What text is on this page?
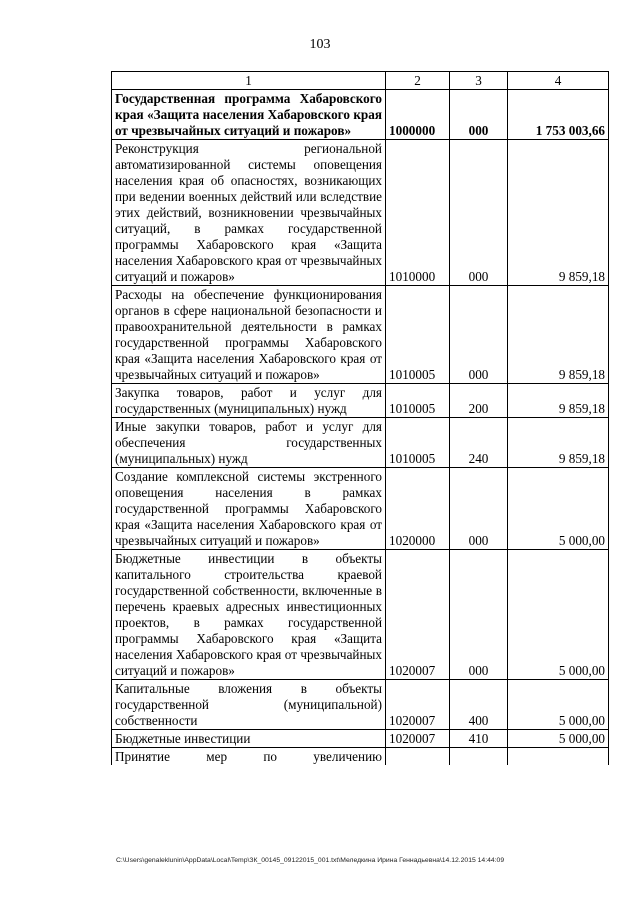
103
1	2	3	4
Государственная программа Хабаровского края «Защита населения Хабаровского края от чрезвычайных ситуаций и пожаров»	1000000	000	1 753 003,66
Реконструкция региональной автоматизированной системы оповещения населения края об опасностях, возникающих при ведении военных действий или вследствие этих действий, возникновении чрезвычайных ситуаций, в рамках государственной программы Хабаровского края «Защита населения Хабаровского края от чрезвычайных ситуаций и пожаров»	1010000	000	9 859,18
Расходы на обеспечение функционирования органов в сфере национальной безопасности и правоохранительной деятельности в рамках государственной программы Хабаровского края «Защита населения Хабаровского края от чрезвычайных ситуаций и пожаров»	1010005	000	9 859,18
Закупка товаров, работ и услуг для государственных (муниципальных) нужд	1010005	200	9 859,18
Иные закупки товаров, работ и услуг для обеспечения государственных (муниципальных) нужд	1010005	240	9 859,18
Создание комплексной системы экстренного оповещения населения в рамках государственной программы Хабаровского края «Защита населения Хабаровского края от чрезвычайных ситуаций и пожаров»	1020000	000	5 000,00
Бюджетные инвестиции в объекты капитального строительства краевой государственной собственности, включенные в перечень краевых адресных инвестиционных проектов, в рамках государственной программы Хабаровского края «Защита населения Хабаровского края от чрезвычайных ситуаций и пожаров»	1020007	000	5 000,00
Капитальные вложения в объекты государственной (муниципальной) собственности	1020007	400	5 000,00
Бюджетные инвестиции	1020007	410	5 000,00
Принятие мер по увеличению			
C:\Users\genaleklunin\AppData\Local\Temp\ЗК_00145_09122015_001.txt\Меледкина Ирина Геннадьевна\14.12.2015 14:44:09
